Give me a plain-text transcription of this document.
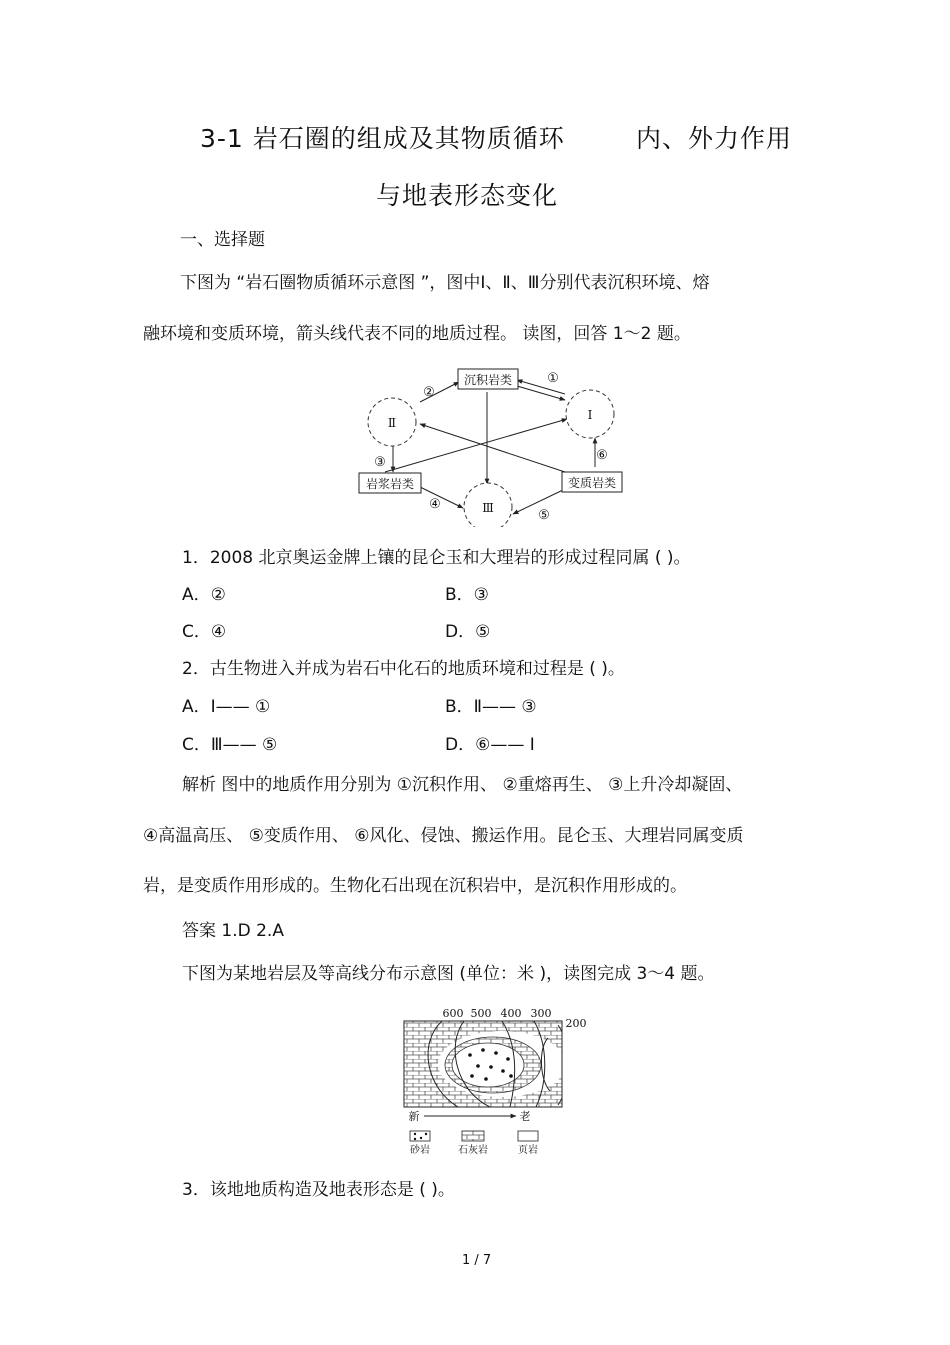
3-1 岩石圈的组成及其物质循环	内、外力作用
与地表形态变化
一、选择题
下图为 “岩石圈物质循环示意图 ”，图中Ⅰ、Ⅱ、Ⅲ分别代表沉积环境、熔
融环境和变质环境，箭头线代表不同的地质过程。 读图，回答 1～2 题。
沉积岩类
岩浆岩类	变质岩类
Ⅱ
Ⅰ
Ⅲ
①
②
③
④
⑤
⑥
1．2008 北京奥运金牌上镶的昆仑玉和大理岩的形成过程同属 ( )。
A．②	B．③
C．④	D．⑤
2．古生物进入并成为岩石中化石的地质环境和过程是 ( )。
A．Ⅰ—— ①	B．Ⅱ—— ③
C．Ⅲ—— ⑤	D．⑥—— Ⅰ
解析 图中的地质作用分别为 ①沉积作用、 ②重熔再生、 ③上升冷却凝固、
④高温高压、 ⑤变质作用、 ⑥风化、侵蚀、搬运作用。昆仑玉、大理岩同属变质
岩，是变质作用形成的。生物化石出现在沉积岩中，是沉积作用形成的。
答案 1.D 2.A
下图为某地岩层及等高线分布示意图 (单位：米 )，读图完成 3～4 题。
600 500 400 300
200
新	老
砂岩	石灰岩	页岩
3．该地地质构造及地表形态是 ( )。
1 / 7
